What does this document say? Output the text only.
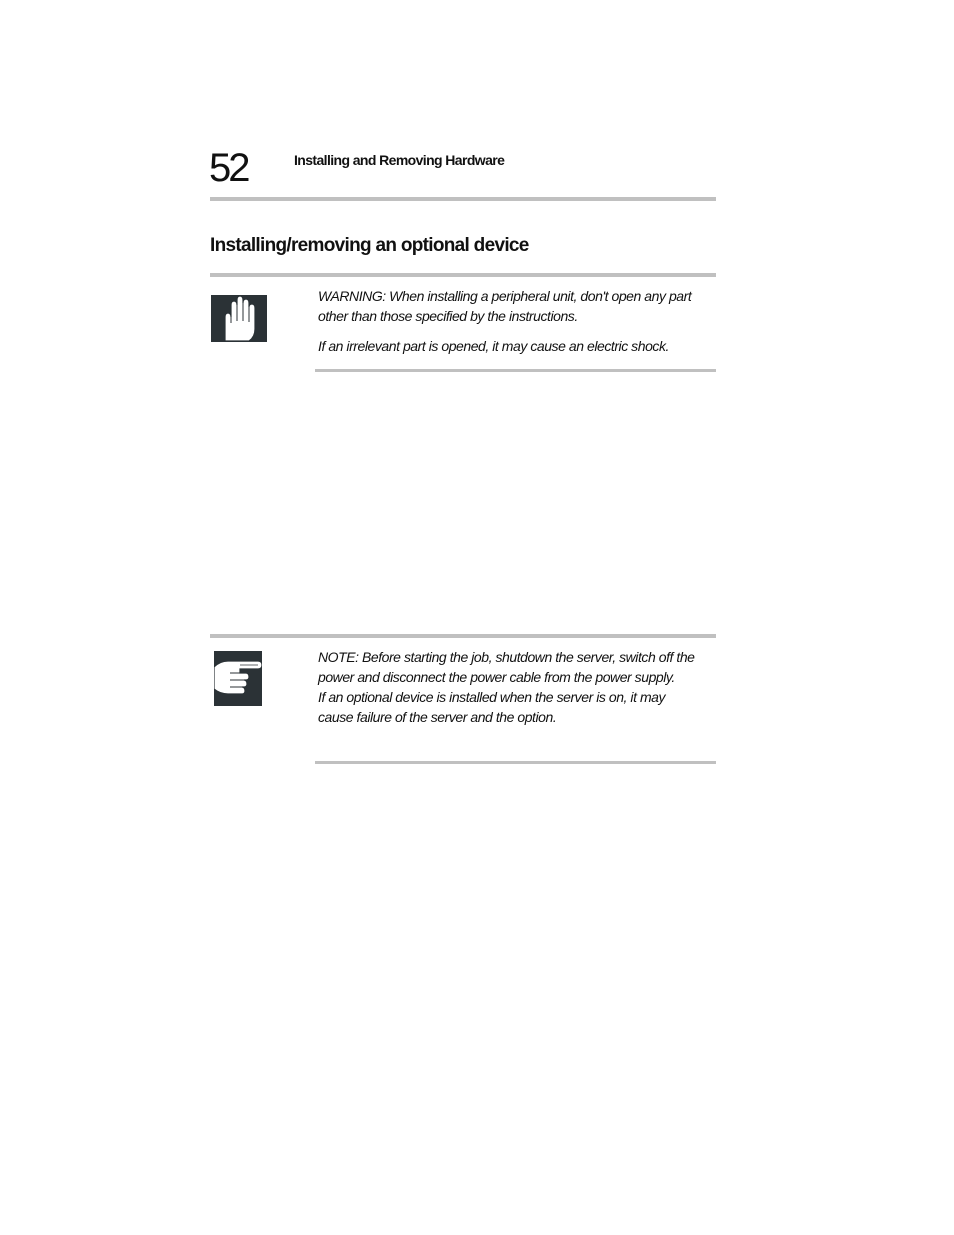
52	Installing and Removing Hardware
Installing/removing an optional device

WARNING: When installing a peripheral unit, don't open any part other than those specified by the instructions.

If an irrelevant part is opened, it may cause an electric shock.

NOTE: Before starting the job, shutdown the server, switch off the power and disconnect the power cable from the power supply.

If an optional device is installed when the server is on, it may cause failure of the server and the option.
